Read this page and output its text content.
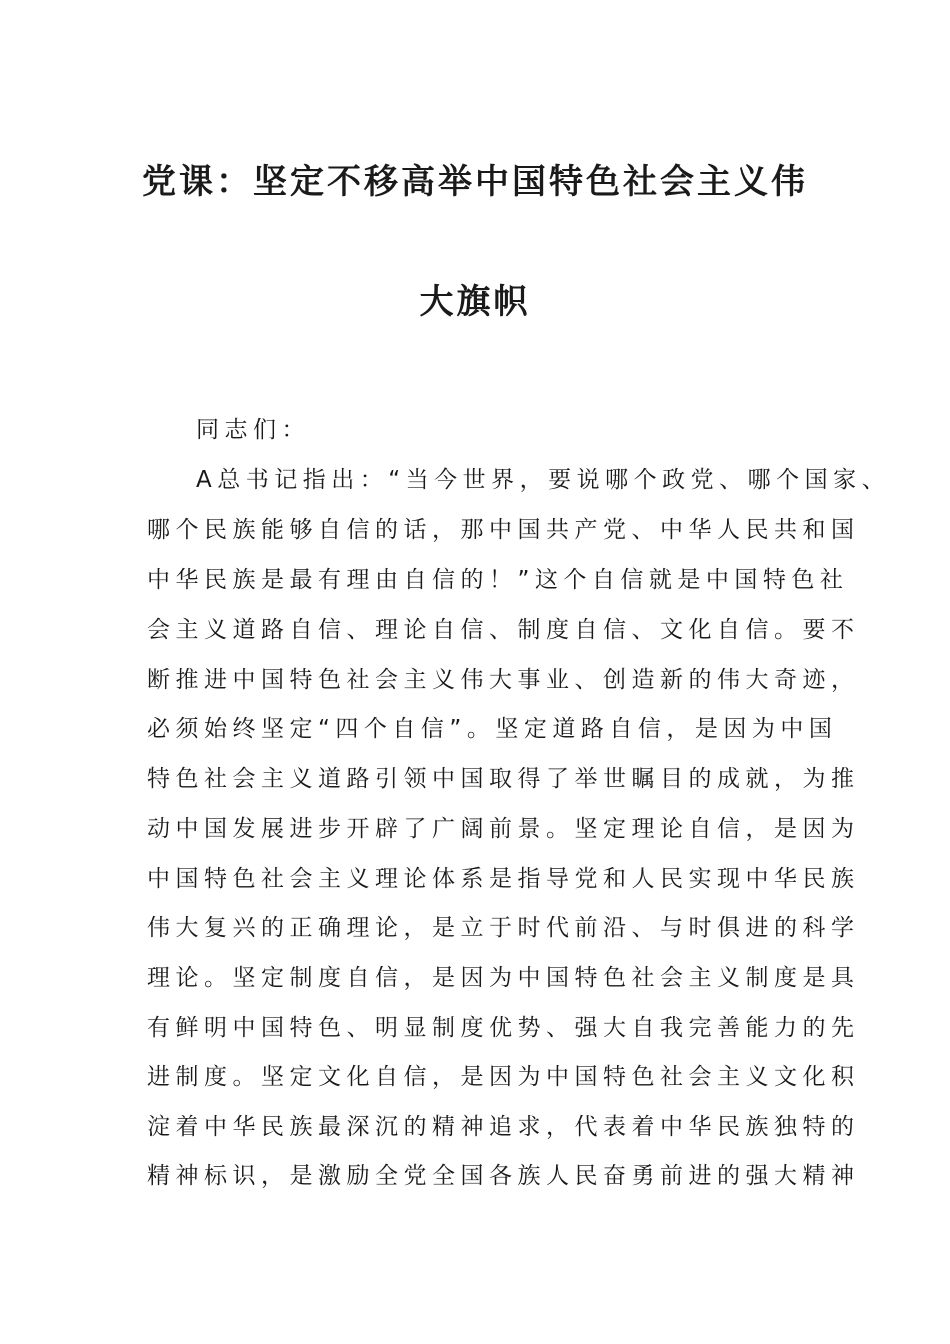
党课：坚定不移高举中国特色社会主义伟
大旗帜
同志们：
A总书记指出：“当今世界，要说哪个政党、哪个国家、
哪个民族能够自信的话，那中国共产党、中华人民共和国
中华民族是最有理由自信的！”这个自信就是中国特色社
会主义道路自信、理论自信、制度自信、文化自信。要不
断推进中国特色社会主义伟大事业、创造新的伟大奇迹，
必须始终坚定“四个自信”。坚定道路自信，是因为中国
特色社会主义道路引领中国取得了举世瞩目的成就，为推
动中国发展进步开辟了广阔前景。坚定理论自信，是因为
中国特色社会主义理论体系是指导党和人民实现中华民族
伟大复兴的正确理论，是立于时代前沿、与时俱进的科学
理论。坚定制度自信，是因为中国特色社会主义制度是具
有鲜明中国特色、明显制度优势、强大自我完善能力的先
进制度。坚定文化自信，是因为中国特色社会主义文化积
淀着中华民族最深沉的精神追求，代表着中华民族独特的
精神标识，是激励全党全国各族人民奋勇前进的强大精神
